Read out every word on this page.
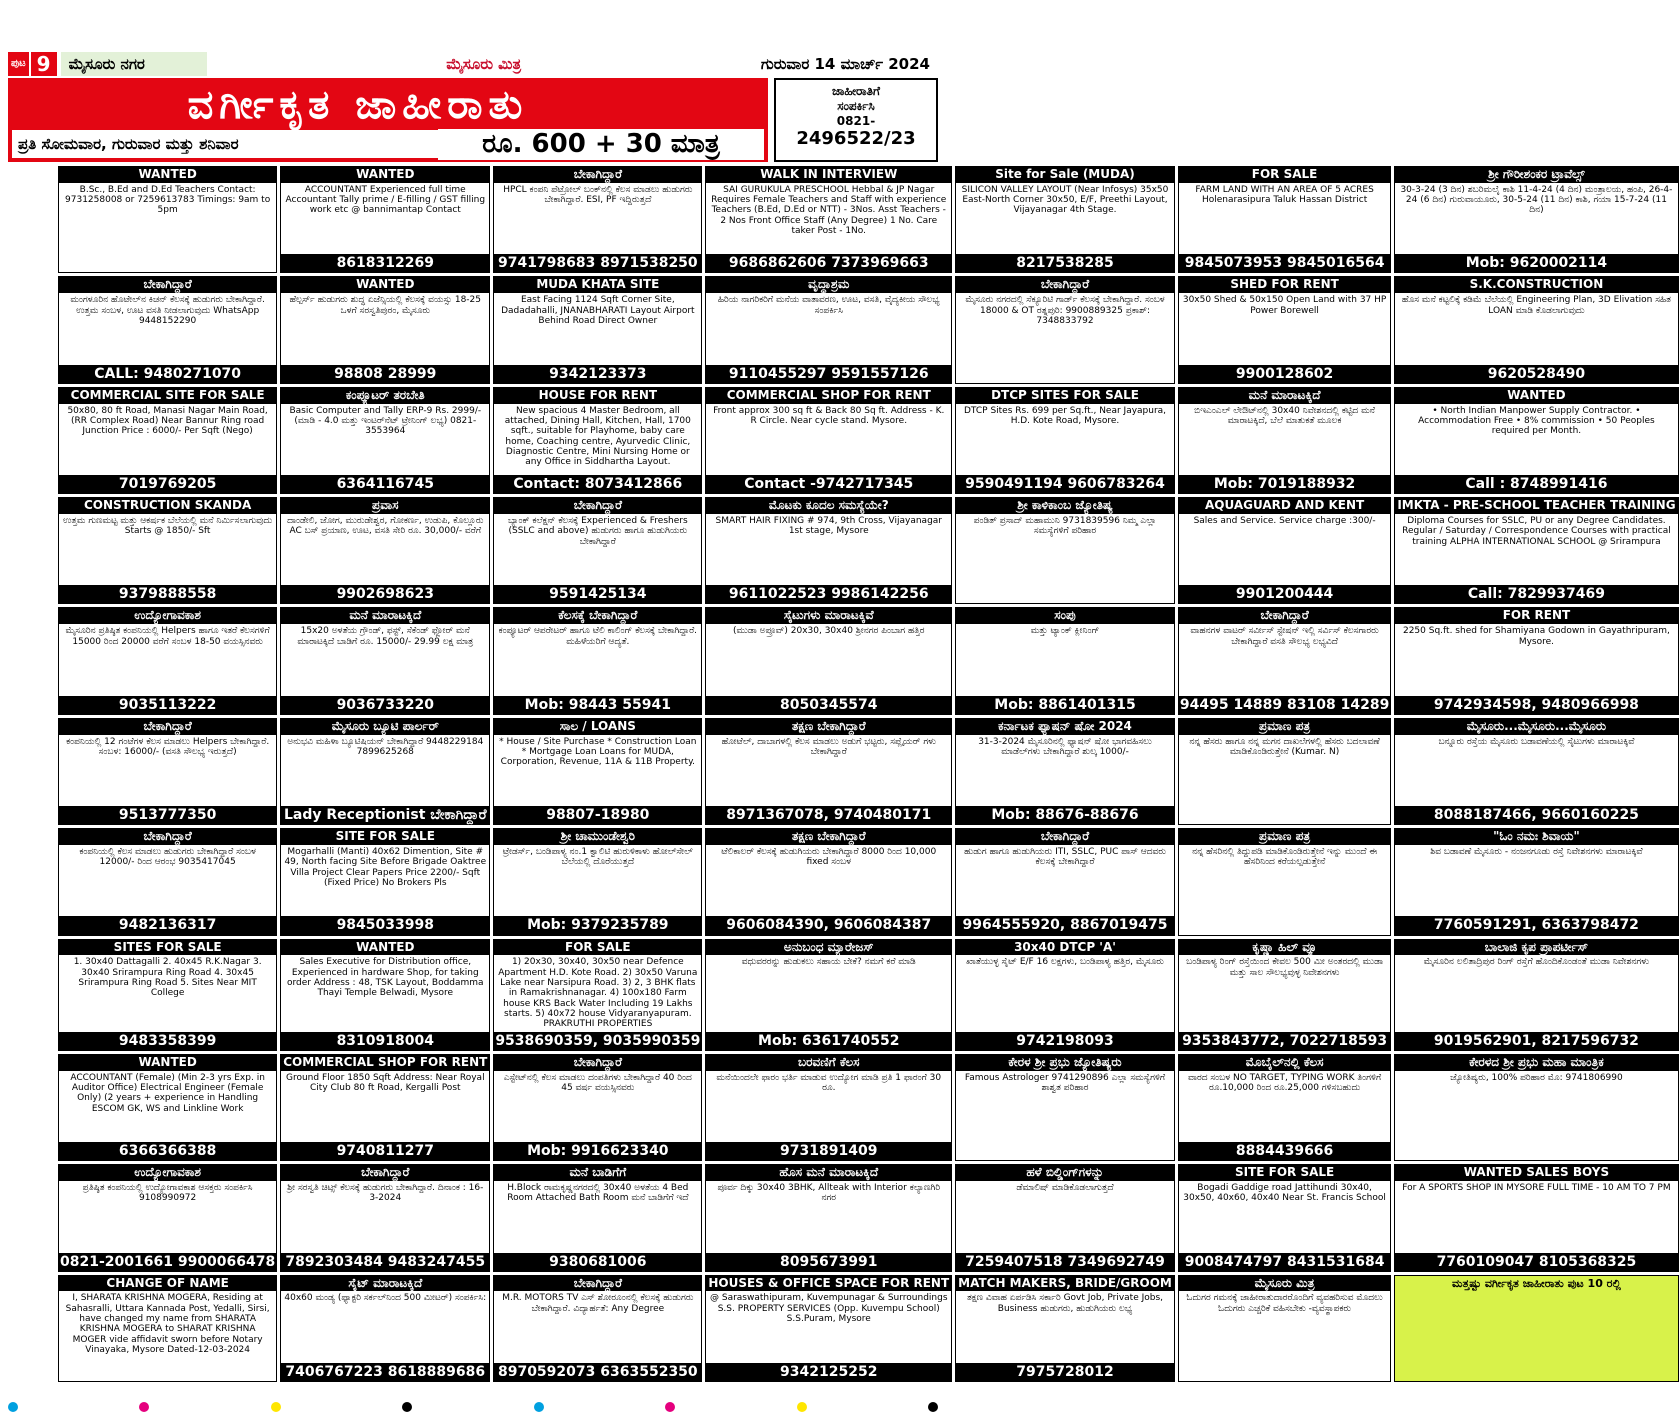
ಪುಟ 9	ಮೈಸೂರು ನಗರ	ಮೈಸೂರು ಮಿತ್ರ	ಗುರುವಾರ 14 ಮಾರ್ಚ್ 2024
ವರ್ಗೀಕೃತ ಜಾಹೀರಾತು
ಪ್ರತಿ ಸೋಮವಾರ, ಗುರುವಾರ ಮತ್ತು ಶನಿವಾರ	ರೂ. 600 + 30 ಮಾತ್ರ
ಜಾಹೀರಾತಿಗೆ
ಸಂಪರ್ಕಿಸಿ
0821-
2496522/23
WANTED
B.Sc., B.Ed and D.Ed Teachers Contact: 9731258008 or 7259613783 Timings: 9am to 5pm
WANTED
ACCOUNTANT Experienced full time Accountant Tally prime / E-filling / GST filling work etc @ bannimantap Contact
8618312269
ಬೇಕಾಗಿದ್ದಾರೆ
HPCL ಕಂಪನಿ ಪೆಟ್ರೋಲ್ ಬಂಕ್‌ನಲ್ಲಿ ಕೆಲಸ ಮಾಡಲು ಹುಡುಗರು ಬೇಕಾಗಿದ್ದಾರೆ. ESI, PF ಇದ್ದಿರುತ್ತದೆ
9741798683 8971538250
WALK IN INTERVIEW
SAI GURUKULA PRESCHOOL Hebbal & JP Nagar Requires Female Teachers and Staff with experience Teachers (B.Ed, D.Ed or NTT) - 3Nos. Asst Teachers - 2 Nos Front Office Staff (Any Degree) 1 No. Care taker Post - 1No.
9686862606 7373969663
Site for Sale (MUDA)
SILICON VALLEY LAYOUT (Near Infosys) 35x50 East-North Corner 30x50, E/F, Preethi Layout, Vijayanagar 4th Stage.
8217538285
FOR SALE
FARM LAND WITH AN AREA OF 5 ACRES Holenarasipura Taluk Hassan District
9845073953 9845016564
ಶ್ರೀ ಗೌರೀಶಂಕರ ಟ್ರಾವೆಲ್ಸ್
30-3-24 (3 ದಿನ) ಶಬರಿಮಲೈ ಕಾಶಿ 11-4-24 (4 ದಿನ) ಮಂತ್ರಾಲಯ, ಹಂಪಿ, 26-4-24 (6 ದಿನ) ಗುರುವಾಯೂರು, 30-5-24 (11 ದಿನ) ಕಾಶಿ, ಗಯಾ 15-7-24 (11 ದಿನ)
Mob: 9620002114
ಬೇಕಾಗಿದ್ದಾರೆ
ಮಂಗಳೂರಿನ ಹೊಟೇಲ್‌ನ ಕಿಚನ್ ಕೆಲಸಕ್ಕೆ ಹುಡುಗರು ಬೇಕಾಗಿದ್ದಾರೆ. ಉತ್ತಮ ಸಂಬಳ, ಊಟ ವಸತಿ ನೀಡಲಾಗುವುದು WhatsApp 9448152290
CALL: 9480271070
WANTED
ಹೆಲ್ಪರ್ಸ್ ಹುಡುಗರು ಶುದ್ಧ ಏಜೆನ್ಸಿಯಲ್ಲಿ ಕೆಲಸಕ್ಕೆ ವಯಸ್ಸು 18-25 ಒಳಗೆ ಸರಸ್ವತಿಪುರಂ, ಮೈಸೂರು
98808 28999
MUDA KHATA SITE
East Facing 1124 Sqft Corner Site, Dadadahalli, JNANABHARATI Layout Airport Behind Road Direct Owner
9342123373
ವೃದ್ಧಾಶ್ರಮ
ಹಿರಿಯ ನಾಗರಿಕರಿಗೆ ಮನೆಯ ವಾತಾವರಣ, ಊಟ, ವಸತಿ, ವೈದ್ಯಕೀಯ ಸೌಲಭ್ಯ ಸಂಪರ್ಕಿಸಿ
9110455297 9591557126
ಬೇಕಾಗಿದ್ದಾರೆ
ಮೈಸೂರು ನಗರದಲ್ಲಿ ಸೆಕ್ಯೂರಿಟಿ ಗಾರ್ಡ್ ಕೆಲಸಕ್ಕೆ ಬೇಕಾಗಿದ್ದಾರೆ. ಸಂಬಳ 18000 & OT ರತ್ನಪುರಿ: 9900889325 ಪ್ರಕಾಶ್: 7348833792
SHED FOR RENT
30x50 Shed & 50x150 Open Land with 37 HP Power Borewell
9900128602
S.K.CONSTRUCTION
ಹೊಸ ಮನೆ ಕಟ್ಟಲಿಕ್ಕೆ ಕಡಿಮೆ ಬೆಲೆಯಲ್ಲಿ Engineering Plan, 3D Elivation ಸಹಿತ LOAN ಮಾಡಿ ಕೊಡಲಾಗುವುದು
9620528490
COMMERCIAL SITE FOR SALE
50x80, 80 ft Road, Manasi Nagar Main Road, (RR Complex Road) Near Bannur Ring road Junction Price : 6000/- Per Sqft (Nego)
7019769205
ಕಂಪ್ಯೂಟರ್ ತರಬೇತಿ
Basic Computer and Tally ERP-9 Rs. 2999/- (ಮಾಡಿ - 4.0 ಮತ್ತು ಇಂಟರ್‌ನೆಟ್ ಟ್ರೇನಿಂಗ್ ಲಭ್ಯ) 0821-3553964
6364116745
HOUSE FOR RENT
New spacious 4 Master Bedroom, all attached, Dining Hall, Kitchen, Hall, 1700 sqft., suitable for Playhome, baby care home, Coaching centre, Ayurvedic Clinic, Diagnostic Centre, Mini Nursing Home or any Office in Siddhartha Layout.
Contact: 8073412866
COMMERCIAL SHOP FOR RENT
Front approx 300 sq ft & Back 80 Sq ft. Address - K. R Circle. Near cycle stand. Mysore.
Contact -9742717345
DTCP SITES FOR SALE
DTCP Sites Rs. 699 per Sq.ft., Near Jayapura, H.D. Kote Road, Mysore.
9590491194 9606783264
ಮನೆ ಮಾರಾಟಕ್ಕಿದೆ
ಬಿಇಎಂಎಲ್ ಲೇಔಟ್‌ನಲ್ಲಿ 30x40 ನಿವೇಶನದಲ್ಲಿ ಕಟ್ಟಿದ ಮನೆ ಮಾರಾಟಕ್ಕಿದೆ, ಬೆಲೆ ಮಾತುಕತೆ ಮೂಲಕ
Mob: 7019188932
WANTED
• North Indian Manpower Supply Contractor. • Accommodation Free • 8% commission • 50 Peoples required per Month.
Call : 8748991416
CONSTRUCTION SKANDA
ಉತ್ತಮ ಗುಣಮಟ್ಟ ಮತ್ತು ಆಕರ್ಷಕ ಬೆಲೆಯಲ್ಲಿ ಮನೆ ನಿರ್ಮಿಸಲಾಗುವುದು Starts @ 1850/- Sft
9379888558
ಪ್ರವಾಸ
ದಾಂಡೇಲಿ, ಜೋಗ, ಮುರುಡೇಶ್ವರ, ಗೋಕರ್ಣ, ಉಡುಪಿ, ಕೊಲ್ಲೂರು AC ಬಸ್ ಪ್ರಯಾಣ, ಊಟ, ವಸತಿ ಸೇರಿ ರೂ. 30,000/- ವರೆಗೆ
9902698623
ಬೇಕಾಗಿದ್ದಾರೆ
ಬ್ಯಾಂಕ್ ಕಲೆಕ್ಷನ್ ಕೆಲಸಕ್ಕೆ Experienced & Freshers (SSLC and above) ಹುಡುಗರು ಹಾಗೂ ಹುಡುಗಿಯರು ಬೇಕಾಗಿದ್ದಾರೆ
9591425134
ಮೊಟಕು ಕೂದಲ ಸಮಸ್ಯೆಯೇ?
SMART HAIR FIXING # 974, 9th Cross, Vijayanagar 1st stage, Mysore
9611022523 9986142256
ಶ್ರೀ ಕಾಳಿಕಾಂಬ ಜ್ಯೋತಿಷ್ಯ
ಪಂಡಿತ್ ಪ್ರಸಾದ್ ಮಹಾಮುನಿ 9731839596 ನಿಮ್ಮ ಎಲ್ಲಾ ಸಮಸ್ಯೆಗಳಿಗೆ ಪರಿಹಾರ
AQUAGUARD AND KENT
Sales and Service. Service charge :300/-
9901200444
IMKTA - PRE-SCHOOL TEACHER TRAINING
Diploma Courses for SSLC, PU or any Degree Candidates. Regular / Saturday / Correspondence Courses with practical training ALPHA INTERNATIONAL SCHOOL @ Srirampura
Call: 7829937469
ಉದ್ಯೋಗಾವಕಾಶ
ಮೈಸೂರಿನ ಪ್ರತಿಷ್ಠಿತ ಕಂಪನಿಯಲ್ಲಿ Helpers ಹಾಗೂ ಇತರೆ ಕೆಲಸಗಳಿಗೆ 15000 ರಿಂದ 20000 ವರೆಗೆ ಸಂಬಳ 18-50 ವಯಸ್ಸಿನವರು
9035113222
ಮನೆ ಮಾರಾಟಕ್ಕಿದೆ
15x20 ಅಳತೆಯ ಗ್ರೌಂಡ್, ಫಸ್ಟ್, ಸೆಕೆಂಡ್ ಫ್ಲೋರ್ ಮನೆ ಮಾರಾಟಕ್ಕಿದೆ ಬಾಡಿಗೆ ರೂ. 15000/- 29.99 ಲಕ್ಷ ಮಾತ್ರ
9036733220
ಕೆಲಸಕ್ಕೆ ಬೇಕಾಗಿದ್ದಾರೆ
ಕಂಪ್ಯೂಟರ್ ಆಪರೇಟರ್ ಹಾಗೂ ಟೆಲಿ ಕಾಲಿಂಗ್ ಕೆಲಸಕ್ಕೆ ಬೇಕಾಗಿದ್ದಾರೆ. ಮಹಿಳೆಯರಿಗೆ ಆದ್ಯತೆ.
Mob: 98443 55941
ಸೈಟುಗಳು ಮಾರಾಟಕ್ಕಿವೆ
(ಮುಡಾ ಅಪ್ರೂವ್) 20x30, 30x40 ಶ್ರೀನಗರ ಪಿಂಬಾಗ ಹತ್ತಿರ
8050345574
ಸಂಪು
ಮತ್ತು ಟ್ಯಾಂಕ್ ಕ್ಲೀನಿಂಗ್
Mob: 8861401315
ಬೇಕಾಗಿದ್ದಾರೆ
ವಾಹನಗಳ ವಾಟರ್ ಸರ್ವೀಸ್ ಸ್ಟೇಷನ್ ಇಲ್ಲಿ ಸರ್ವಿಸ್ ಕೆಲಸಗಾರರು ಬೇಕಾಗಿದ್ದಾರೆ ವಸತಿ ಸೌಲಭ್ಯ ಲಭ್ಯವಿದೆ
94495 14889 83108 14289
FOR RENT
2250 Sq.ft. shed for Shamiyana Godown in Gayathripuram, Mysore.
9742934598, 9480966998
ಬೇಕಾಗಿದ್ದಾರೆ
ಕಂಪನಿಯಲ್ಲಿ 12 ಗಂಟೆಗಳ ಕೆಲಸ ಮಾಡಲು Helpers ಬೇಕಾಗಿದ್ದಾರೆ. ಸಂಬಳ: 16000/- (ವಸತಿ ಸೌಲಭ್ಯ ಇರುತ್ತದೆ)
9513777350
ಮೈಸೂರು ಬ್ಯೂಟಿ ಪಾರ್ಲರ್
ಅನುಭವಿ ಮಹಿಳಾ ಬ್ಯೂಟಿಷಿಯನ್ ಬೇಕಾಗಿದ್ದಾರೆ 9448229184 7899625268
Lady Receptionist ಬೇಕಾಗಿದ್ದಾರೆ
ಸಾಲ / LOANS
* House / Site Purchase * Construction Loan * Mortgage Loan Loans for MUDA, Corporation, Revenue, 11A & 11B Property.
98807-18980
ತಕ್ಷಣ ಬೇಕಾಗಿದ್ದಾರೆ
ಹೋಟೆಲ್, ದಾಬಾಗಳಲ್ಲಿ ಕೆಲಸ ಮಾಡಲು ಅಡುಗೆ ಭಟ್ಟರು, ಸಪ್ಲೈಯರ್ ಗಳು ಬೇಕಾಗಿದ್ದಾರೆ
8971367078, 9740480171
ಕರ್ನಾಟಕ ಫ್ಯಾಷನ್ ಷೋ 2024
31-3-2024 ಮೈಸೂರಿನಲ್ಲಿ ಫ್ಯಾಷನ್ ಷೋ ಭಾಗವಹಿಸಲು ಮಾಡೆಲ್‌ಗಳು ಬೇಕಾಗಿದ್ದಾರೆ ಶುಲ್ಕ 1000/-
Mob: 88676-88676
ಪ್ರಮಾಣ ಪತ್ರ
ನನ್ನ ಹೆಸರು ಹಾಗೂ ನನ್ನ ಮಗನ ದಾಖಲೆಗಳಲ್ಲಿ ಹೆಸರು ಬದಲಾವಣೆ ಮಾಡಿಕೊಂಡಿರುತ್ತೇನೆ (Kumar. N)
ಮೈಸೂರು...ಮೈಸೂರು...ಮೈಸೂರು
ಬನ್ನೂರು ರಸ್ತೆಯ ಮೈಸೂರು ಬಡಾವಣೆಯಲ್ಲಿ ಸೈಟುಗಳು ಮಾರಾಟಕ್ಕಿವೆ
8088187466, 9660160225
ಬೇಕಾಗಿದ್ದಾರೆ
ಕಂಪನಿಯಲ್ಲಿ ಕೆಲಸ ಮಾಡಲು ಹುಡುಗರು ಬೇಕಾಗಿದ್ದಾರೆ ಸಂಬಳ 12000/- ರಿಂದ ಆರಂಭ 9035417045
9482136317
SITE FOR SALE
Mogarhalli (Manti) 40x62 Dimention, Site # 49, North facing Site Before Brigade Oaktree Villa Project Clear Papers Price 2200/- Sqft (Fixed Price) No Brokers Pls
9845033998
ಶ್ರೀ ಚಾಮುಂಡೇಶ್ವರಿ
ಟ್ರೇಡರ್ಸ್, ಬಂಡಿಪಾಳ್ಯ ನಂ.1 ಕ್ವಾಲಿಟಿ ಹುರುಳಿಕಾಳು ಹೋಲ್‌ಸೇಲ್ ಬೆಲೆಯಲ್ಲಿ ದೊರೆಯುತ್ತದೆ
Mob: 9379235789
ತಕ್ಷಣ ಬೇಕಾಗಿದ್ದಾರೆ
ಟೆಲಿಕಾಲರ್ ಕೆಲಸಕ್ಕೆ ಹುಡುಗಿಯರು ಬೇಕಾಗಿದ್ದಾರೆ 8000 ರಿಂದ 10,000 fixed ಸಂಬಳ
9606084390, 9606084387
ಬೇಕಾಗಿದ್ದಾರೆ
ಹುಡುಗ ಹಾಗೂ ಹುಡುಗಿಯರು ITI, SSLC, PUC ಪಾಸ್ ಆದವರು ಕೆಲಸಕ್ಕೆ ಬೇಕಾಗಿದ್ದಾರೆ
9964555920, 8867019475
ಪ್ರಮಾಣ ಪತ್ರ
ನನ್ನ ಹೆಸರಿನಲ್ಲಿ ತಿದ್ದುಪಡಿ ಮಾಡಿಕೊಂಡಿರುತ್ತೇನೆ ಇನ್ನು ಮುಂದೆ ಈ ಹೆಸರಿನಿಂದ ಕರೆಯಲ್ಪಡುತ್ತೇನೆ
"ಓಂ ನಮಃ ಶಿವಾಯ"
ಶಿವ ಬಡಾವಣೆ ಮೈಸೂರು - ನಂಜನಗೂಡು ರಸ್ತೆ ನಿವೇಶನಗಳು ಮಾರಾಟಕ್ಕಿವೆ
7760591291, 6363798472
SITES FOR SALE
1. 30x40 Dattagalli 2. 40x45 R.K.Nagar 3. 30x40 Srirampura Ring Road 4. 30x45 Srirampura Ring Road 5. Sites Near MIT College
9483358399
WANTED
Sales Executive for Distribution office, Experienced in hardware Shop, for taking order Address : 48, TSK Layout, Boddamma Thayi Temple Belwadi, Mysore
8310918004
FOR SALE
1) 20x30, 30x40, 30x50 near Defence Apartment H.D. Kote Road. 2) 30x50 Varuna Lake near Narsipura Road. 3) 2, 3 BHK flats in Ramakrishnanagar. 4) 100x180 Farm house KRS Back Water Including 19 Lakhs starts. 5) 40x72 house Vidyaranyapuram. PRAKRUTHI PROPERTIES
9538690359, 9035990359
ಅನುಬಂಧ ಮ್ಯಾರೇಜಸ್
ವಧುವರರನ್ನು ಹುಡುಕಲು ಸಹಾಯ ಬೇಕೆ? ನಮಗೆ ಕರೆ ಮಾಡಿ
Mob: 6361740552
30x40 DTCP 'A'
ಖಾತೆಯುಳ್ಳ ಸೈಟ್ E/F 16 ಲಕ್ಷಗಳು, ಬಂಡಿಪಾಳ್ಯ ಹತ್ತಿರ, ಮೈಸೂರು
9742198093
ಕೃಷ್ಣಾ ಹಿಲ್ ವ್ಯೂ
ಬಂಡಿಪಾಳ್ಯ ರಿಂಗ್ ರಸ್ತೆಯಿಂದ ಕೇವಲ 500 ಮೀ ಅಂತರದಲ್ಲಿ ಮುಡಾ ಮತ್ತು ಸಾಲ ಸೌಲಭ್ಯವುಳ್ಳ ನಿವೇಶನಗಳು
9353843772, 7022718593
ಬಾಲಾಜಿ ಕೃಪ ಪ್ರಾಪರ್ಟೀಸ್
ಮೈಸೂರಿನ ಲಲಿತಾದ್ರಿಪುರ ರಿಂಗ್ ರಸ್ತೆಗೆ ಹೊಂದಿಕೊಂಡಂತೆ ಮುಡಾ ನಿವೇಶನಗಳು
9019562901, 8217596732
WANTED
ACCOUNTANT (Female) (Min 2-3 yrs Exp. in Auditor Office) Electrical Engineer (Female Only) (2 years + experience in Handling ESCOM GK, WS and Linkline Work
6366366388
COMMERCIAL SHOP FOR RENT
Ground Floor 1850 Sqft Address: Near Royal City Club 80 ft Road, Kergalli Post
9740811277
ಬೇಕಾಗಿದ್ದಾರೆ
ಎಸ್ಟೇಟ್‌ನಲ್ಲಿ ಕೆಲಸ ಮಾಡಲು ದಂಪತಿಗಳು ಬೇಕಾಗಿದ್ದಾರೆ 40 ರಿಂದ 45 ವರ್ಷ ವಯಸ್ಸಿನವರು
Mob: 9916623340
ಬರವಣಿಗೆ ಕೆಲಸ
ಮನೆಯಿಂದಲೇ ಫಾರಂ ಭರ್ತಿ ಮಾಡುವ ಉದ್ಯೋಗ ಮಾಡಿ ಪ್ರತಿ 1 ಫಾರಂಗೆ 30 ರೂ.
9731891409
ಕೇರಳ ಶ್ರೀ ಪ್ರಭು ಜ್ಯೋತಿಷ್ಯರು
Famous Astrologer 9741290896 ಎಲ್ಲಾ ಸಮಸ್ಯೆಗಳಿಗೆ ಶಾಶ್ವತ ಪರಿಹಾರ
ಮೊಬೈಲ್‌ನಲ್ಲಿ ಕೆಲಸ
ವಾರದ ಸಂಬಳ NO TARGET, TYPING WORK ತಿಂಗಳಿಗೆ ರೂ.10,000 ರಿಂದ ರೂ.25,000 ಗಳಿಸಬಹುದು
8884439666
ಕೇರಳದ ಶ್ರೀ ಪ್ರಭು ಮಹಾ ಮಾಂತ್ರಿಕ
ಜ್ಯೋತಿಷ್ಯರು, 100% ಪರಿಹಾರ ಮೊ: 9741806990
ಉದ್ಯೋಗಾವಕಾಶ
ಪ್ರತಿಷ್ಠಿತ ಕಂಪನಿಯಲ್ಲಿ ಉದ್ಯೋಗಾವಕಾಶ ಆಸಕ್ತರು ಸಂಪರ್ಕಿಸಿ 9108990972
0821-2001661 9900066478
ಬೇಕಾಗಿದ್ದಾರೆ
ಶ್ರೀ ಸರಸ್ವತಿ ಚಿಟ್ಸ್ ಕೆಲಸಕ್ಕೆ ಹುಡುಗರು ಬೇಕಾಗಿದ್ದಾರೆ. ದಿನಾಂಕ : 16-3-2024
7892303484 9483247455
ಮನೆ ಬಾಡಿಗೆಗೆ
H.Block ರಾಮಕೃಷ್ಣನಗರದಲ್ಲಿ 30x40 ಅಳತೆಯ 4 Bed Room Attached Bath Room ಮನೆ ಬಾಡಿಗೆಗೆ ಇದೆ
9380681006
ಹೊಸ ಮನೆ ಮಾರಾಟಕ್ಕಿದೆ
ಪೂರ್ವ ದಿಕ್ಕು 30x40 3BHK, Allteak with Interior ಕಲ್ಯಾಣಗಿರಿ ನಗರ
8095673991
ಹಳೆ ಬಿಲ್ಡಿಂಗ್‌ಗಳನ್ನು
ಡೆಮಾಲಿಷ್ ಮಾಡಿಕೊಡಲಾಗುತ್ತದೆ
7259407518 7349692749
SITE FOR SALE
Bogadi Gaddige road Jattihundi 30x40, 30x50, 40x60, 40x40 Near St. Francis School
9008474797 8431531684
WANTED SALES BOYS
For A SPORTS SHOP IN MYSORE FULL TIME - 10 AM TO 7 PM
7760109047 8105368325
CHANGE OF NAME
I, SHARATA KRISHNA MOGERA, Residing at Sahasralli, Uttara Kannada Post, Yedalli, Sirsi, have changed my name from SHARATA KRISHNA MOGERA to SHARAT KRISHNA MOGER vide affidavit sworn before Notary Vinayaka, Mysore Dated-12-03-2024
ಸೈಟ್ ಮಾರಾಟಕ್ಕಿದೆ
40x60 ಮಂಡ್ಯ (ಫ್ಯಾಕ್ಟರಿ ಸರ್ಕಲ್‌ನಿಂದ 500 ಮೀಟರ್) ಸಂಪರ್ಕಿಸಿ:
7406767223 8618889686
ಬೇಕಾಗಿದ್ದಾರೆ
M.R. MOTORS TV ಎಸ್ ಶೋರೂಂನಲ್ಲಿ ಕೆಲಸಕ್ಕೆ ಹುಡುಗರು ಬೇಕಾಗಿದ್ದಾರೆ. ವಿದ್ಯಾರ್ಹತೆ: Any Degree
8970592073 6363552350
HOUSES & OFFICE SPACE FOR RENT
@ Saraswathipuram, Kuvempunagar & Surroundings S.S. PROPERTY SERVICES (Opp. Kuvempu School) S.S.Puram, Mysore
9342125252
MATCH MAKERS, BRIDE/GROOM
ತಕ್ಷಣ ವಿವಾಹ ಏರ್ಪಡಿಸಿ ಸರ್ಕಾರಿ Govt Job, Private Jobs, Business ಹುಡುಗರು, ಹುಡುಗಿಯರು ಲಭ್ಯ
7975728012
ಮೈಸೂರು ಮಿತ್ರ
ಓದುಗರ ಗಮನಕ್ಕೆ ಜಾಹೀರಾತುದಾರರೊಂದಿಗೆ ವ್ಯವಹರಿಸುವ ಮೊದಲು ಓದುಗರು ಎಚ್ಚರಿಕೆ ವಹಿಸಬೇಕು -ವ್ಯವಸ್ಥಾಪಕರು
ಮತ್ತಷ್ಟು ವರ್ಗೀಕೃತ ಜಾಹೀರಾತು ಪುಟ 10 ರಲ್ಲಿ
